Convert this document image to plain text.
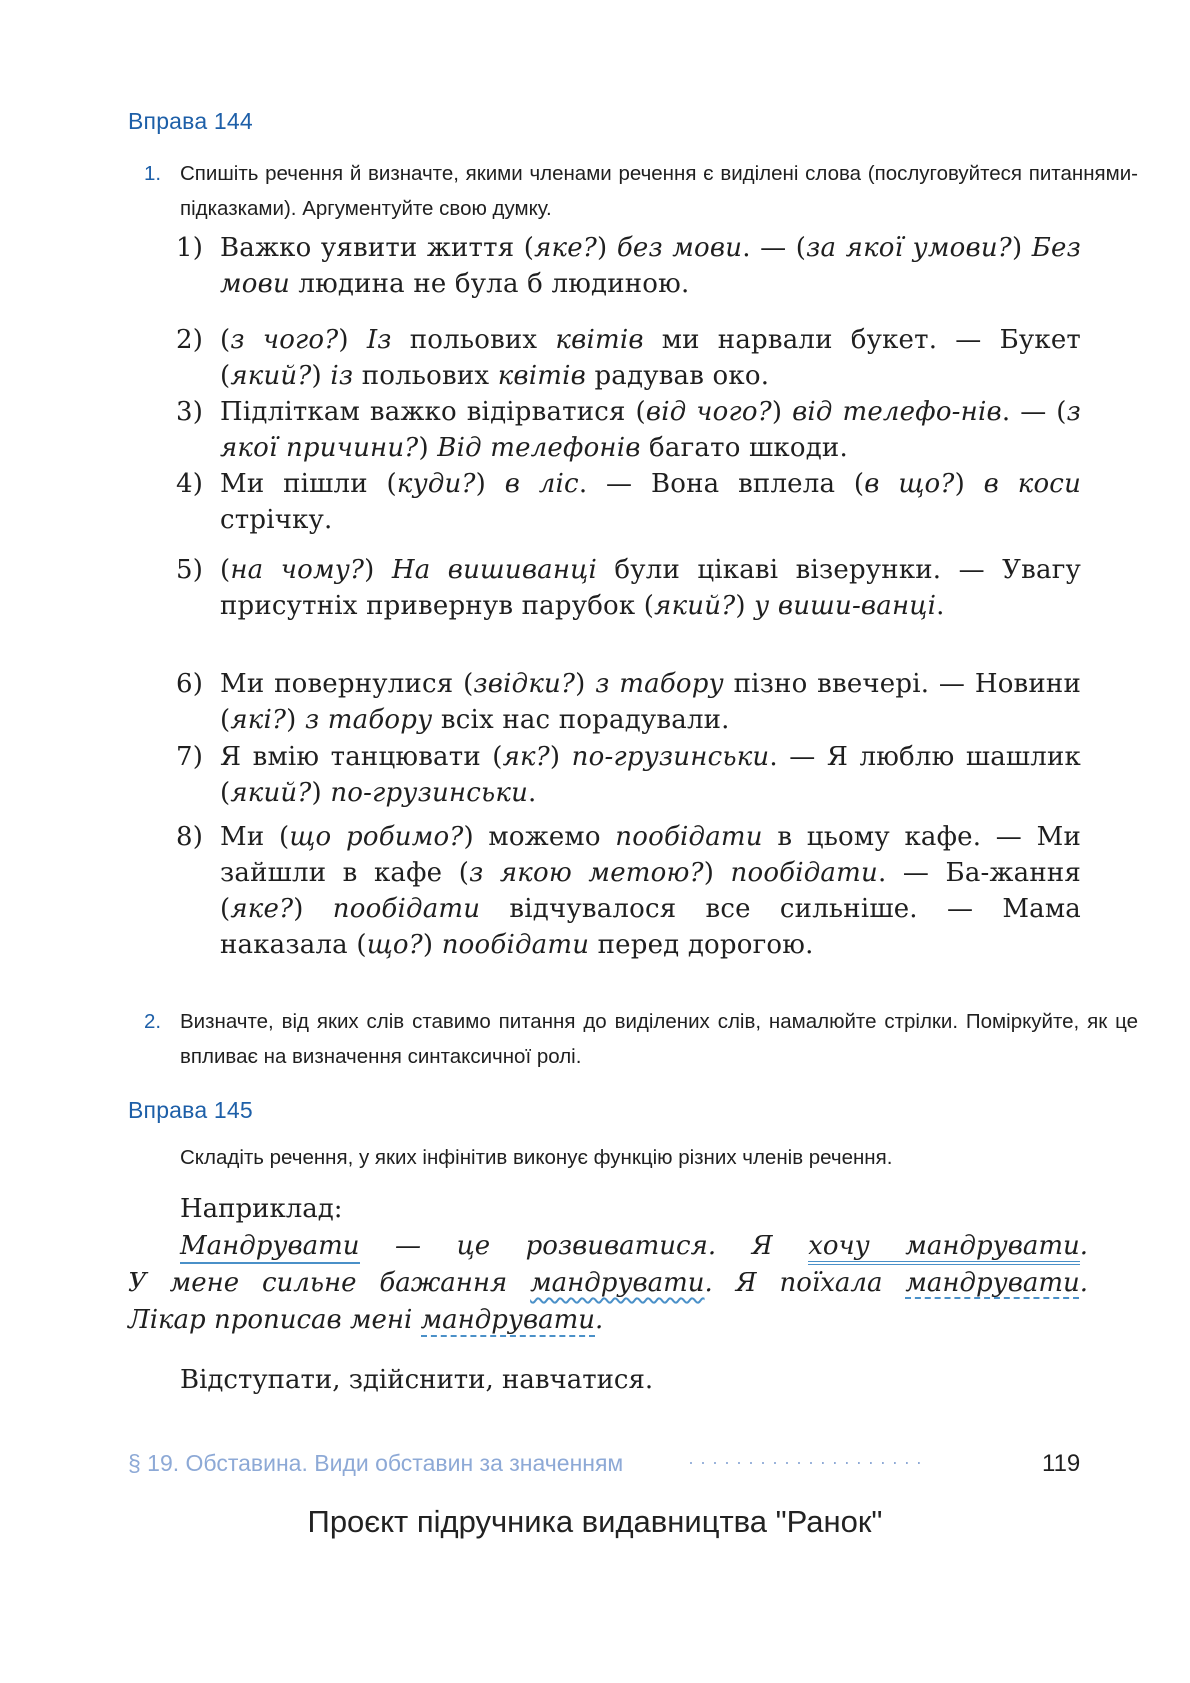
Вправа 144
1. Спишіть речення й визначте, якими членами речення є виділені слова (послуговуйтеся питаннями-підказками). Аргументуйте свою думку.
1) Важко уявити життя (яке?) без мови. — (за якої умови?) Без мови людина не була б людиною.
2) (з чого?) Із польових квітів ми нарвали букет. — Букет (який?) із польових квітів радував око.
3) Підліткам важко відірватися (від чого?) від телефо-нів. — (з якої причини?) Від телефонів багато шкоди.
4) Ми пішли (куди?) в ліс. — Вона вплела (в що?) в коси стрічку.
5) (на чому?) На вишиванці були цікаві візерунки. — Увагу присутніх привернув парубок (який?) у виши-ванці.
6) Ми повернулися (звідки?) з табору пізно ввечері. — Новини (які?) з табору всіх нас порадували.
7) Я вмію танцювати (як?) по-грузинськи. — Я люблю шашлик (який?) по-грузинськи.
8) Ми (що робимо?) можемо пообідати в цьому кафе. — Ми зайшли в кафе (з якою метою?) пообідати. — Ба-жання (яке?) пообідати відчувалося все сильніше. — Мама наказала (що?) пообідати перед дорогою.
2. Визначте, від яких слів ставимо питання до виділених слів, намалюйте стрілки. Поміркуйте, як це впливає на визначення синтаксичної ролі.
Вправа 145
Складіть речення, у яких інфінітив виконує функцію різних членів речення.
Наприклад:
Мандрувати — це розвиватися. Я хочу мандрувати.
У мене сильне бажання мандрувати. Я поїхала мандрувати.
Лікар прописав мені мандрувати.
Відступати, здійснити, навчатися.
§ 19. Обставина. Види обставин за значенням	····················	119
Проєкт підручника видавництва "Ранок"
